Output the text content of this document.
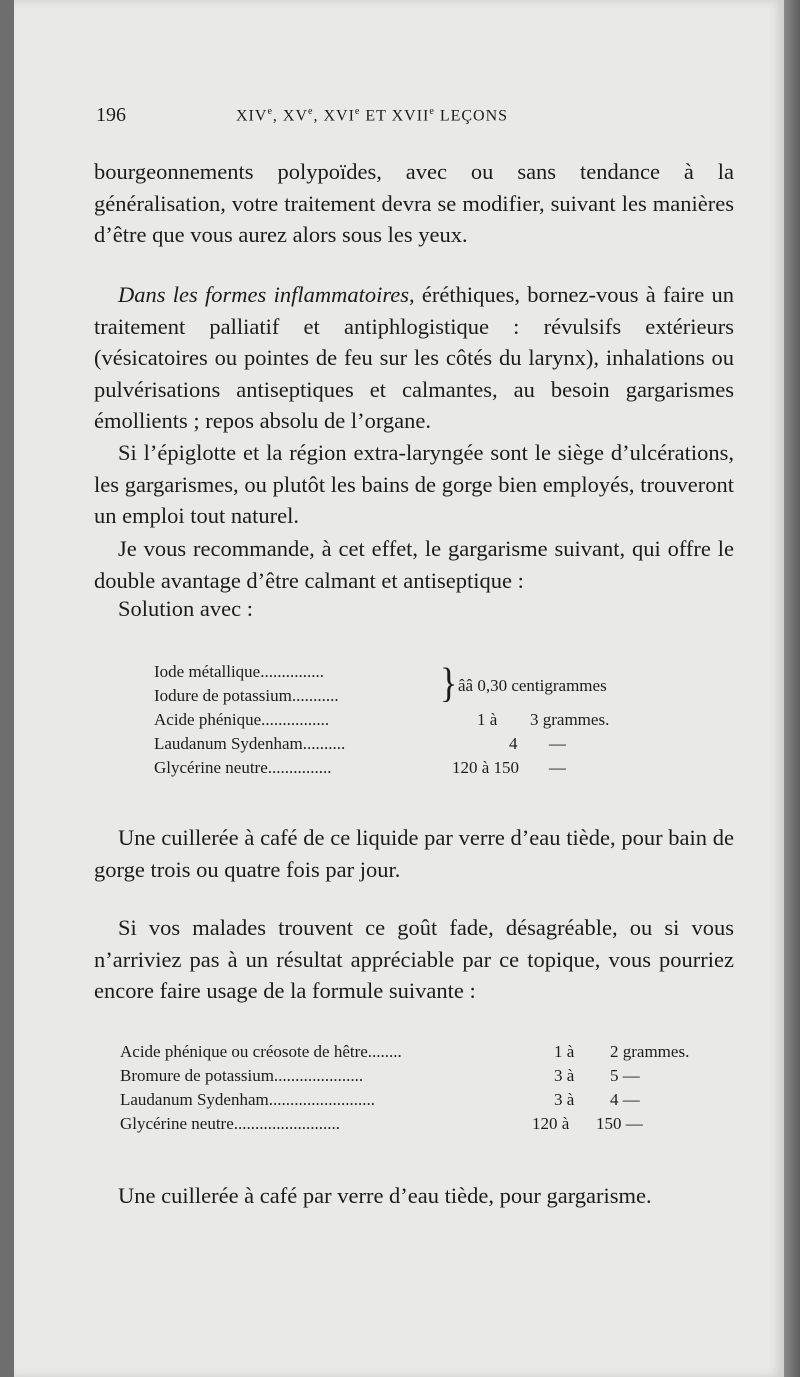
196	XIVe, XVe, XVIe ET XVIIe LEÇONS
bourgeonnements polypoïdes, avec ou sans tendance à la généralisation, votre traitement devra se modifier, suivant les manières d’être que vous aurez alors sous les yeux.
Dans les formes inflammatoires, éréthiques, bornez-vous à faire un traitement palliatif et antiphlogistique : révulsifs extérieurs (vésicatoires ou pointes de feu sur les côtés du larynx), inhalations ou pulvérisations antiseptiques et calmantes, au besoin gargarismes émollients ; repos absolu de l’organe.
Si l’épiglotte et la région extra-laryngée sont le siège d’ulcérations, les gargarismes, ou plutôt les bains de gorge bien employés, trouveront un emploi tout naturel.
Je vous recommande, à cet effet, le gargarisme suivant, qui offre le double avantage d’être calmant et antiseptique :
Solution avec :
Iode métallique...............
Iodure de potassium...........	} ââ 0,30 centigrammes
Acide phénique................	1 à 3 grammes.
Laudanum Sydenham..........	4 —
Glycérine neutre...............	120 à 150 —
Une cuillerée à café de ce liquide par verre d’eau tiède, pour bain de gorge trois ou quatre fois par jour.
Si vos malades trouvent ce goût fade, désagréable, ou si vous n’arriviez pas à un résultat appréciable par ce topique, vous pourriez encore faire usage de la formule suivante :
Acide phénique ou créosote de hêtre........	1 à 2 grammes.
Bromure de potassium.....................	3 à 5 —
Laudanum Sydenham.........................	3 à 4 —
Glycérine neutre.........................	120 à 150 —
Une cuillerée à café par verre d’eau tiède, pour gargarisme.
